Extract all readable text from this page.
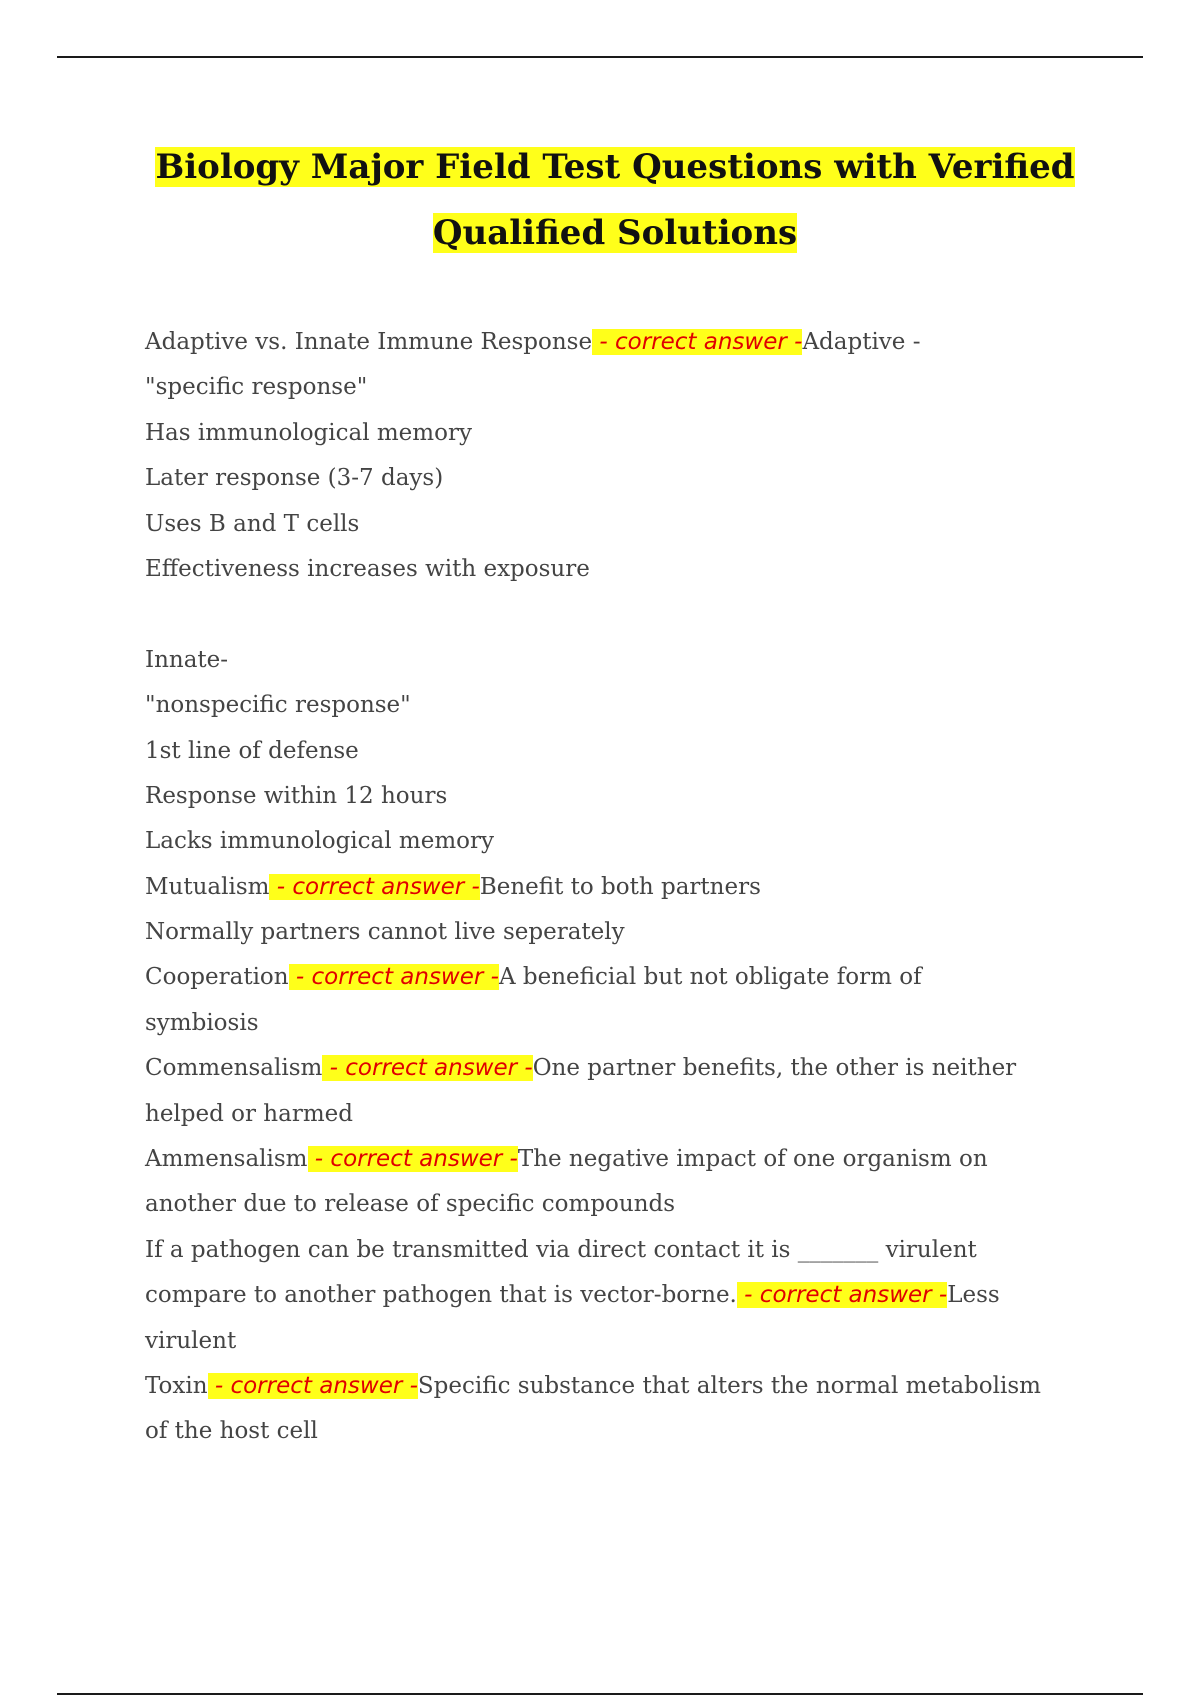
Biology Major Field Test Questions with Verified
Qualified Solutions
Adaptive vs. Innate Immune Response - correct answer -Adaptive -
"specific response"
Has immunological memory
Later response (3-7 days)
Uses B and T cells
Effectiveness increases with exposure
Innate-
"nonspecific response"
1st line of defense
Response within 12 hours
Lacks immunological memory
Mutualism - correct answer -Benefit to both partners
Normally partners cannot live seperately
Cooperation - correct answer -A beneficial but not obligate form of
symbiosis
Commensalism - correct answer -One partner benefits, the other is neither
helped or harmed
Ammensalism - correct answer -The negative impact of one organism on
another due to release of specific compounds
If a pathogen can be transmitted via direct contact it is _______ virulent
compare to another pathogen that is vector-borne. - correct answer -Less
virulent
Toxin - correct answer -Specific substance that alters the normal metabolism
of the host cell
